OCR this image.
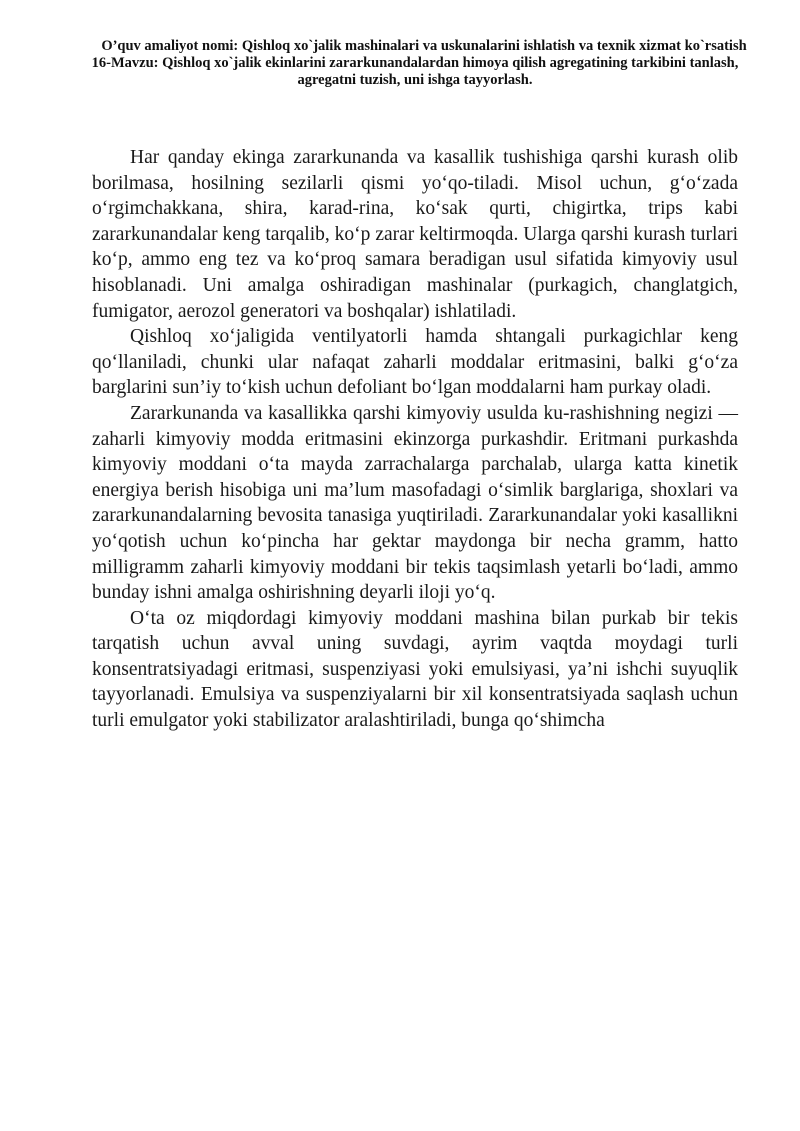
O’quv amaliyot nomi: Qishloq xo`jalik mashinalari va uskunalarini ishlatish va texnik xizmat ko`rsatish
16-Mavzu: Qishloq xo`jalik ekinlarini zararkunandalardan himoya qilish agregatining tarkibini tanlash, agregatni tuzish, uni ishga tayyorlash.

Har qanday ekinga zararkunanda va kasallik tushishiga qarshi kurash olib borilmasa, hosilning sezilarli qismi yo‘qo-tiladi. Misol uchun, g‘o‘zada o‘rgimchakkana, shira, karad-rina, ko‘sak qurti, chigirtka, trips kabi zararkunandalar keng tarqalib, ko‘p zarar keltirmoqda. Ularga qarshi kurash turlari ko‘p, ammo eng tez va ko‘proq samara beradigan usul sifatida kimyoviy usul hisoblanadi. Uni amalga oshiradigan mashinalar (purkagich, changlatgich, fumigator, aerozol generatori va boshqalar) ishlatiladi.

Qishloq xo‘jaligida ventilyatorli hamda shtangali purkagichlar keng qo‘llaniladi, chunki ular nafaqat zaharli moddalar eritmasini, balki g‘o‘za barglarini sun’iy to‘kish uchun defoliant bo‘lgan moddalarni ham purkay oladi.

Zararkunanda va kasallikka qarshi kimyoviy usulda ku-rashishning negizi — zaharli kimyoviy modda eritmasini ekinzorga purkashdir. Eritmani purkashda kimyoviy moddani o‘ta mayda zarrachalarga parchalab, ularga katta kinetik energiya berish hisobiga uni ma’lum masofadagi o‘simlik barglariga, shoxlari va zararkunandalarning bevosita tanasiga yuqtiriladi. Zararkunandalar yoki kasallikni yo‘qotish uchun ko‘pincha har gektar maydonga bir necha gramm, hatto milligramm zaharli kimyoviy moddani bir tekis taqsimlash yetarli bo‘ladi, ammo bunday ishni amalga oshirishning deyarli iloji yo‘q.

O‘ta oz miqdordagi kimyoviy moddani mashina bilan purkab bir tekis tarqatish uchun avval uning suvdagi, ayrim vaqtda moydagi turli konsentratsiyadagi eritmasi, suspenziyasi yoki emulsiyasi, ya’ni ishchi suyuqlik tayyorlanadi. Emulsiya va suspenziyalarni bir xil konsentratsiyada saqlash uchun turli emulgator yoki stabilizator aralashtiriladi, bunga qo‘shimcha
